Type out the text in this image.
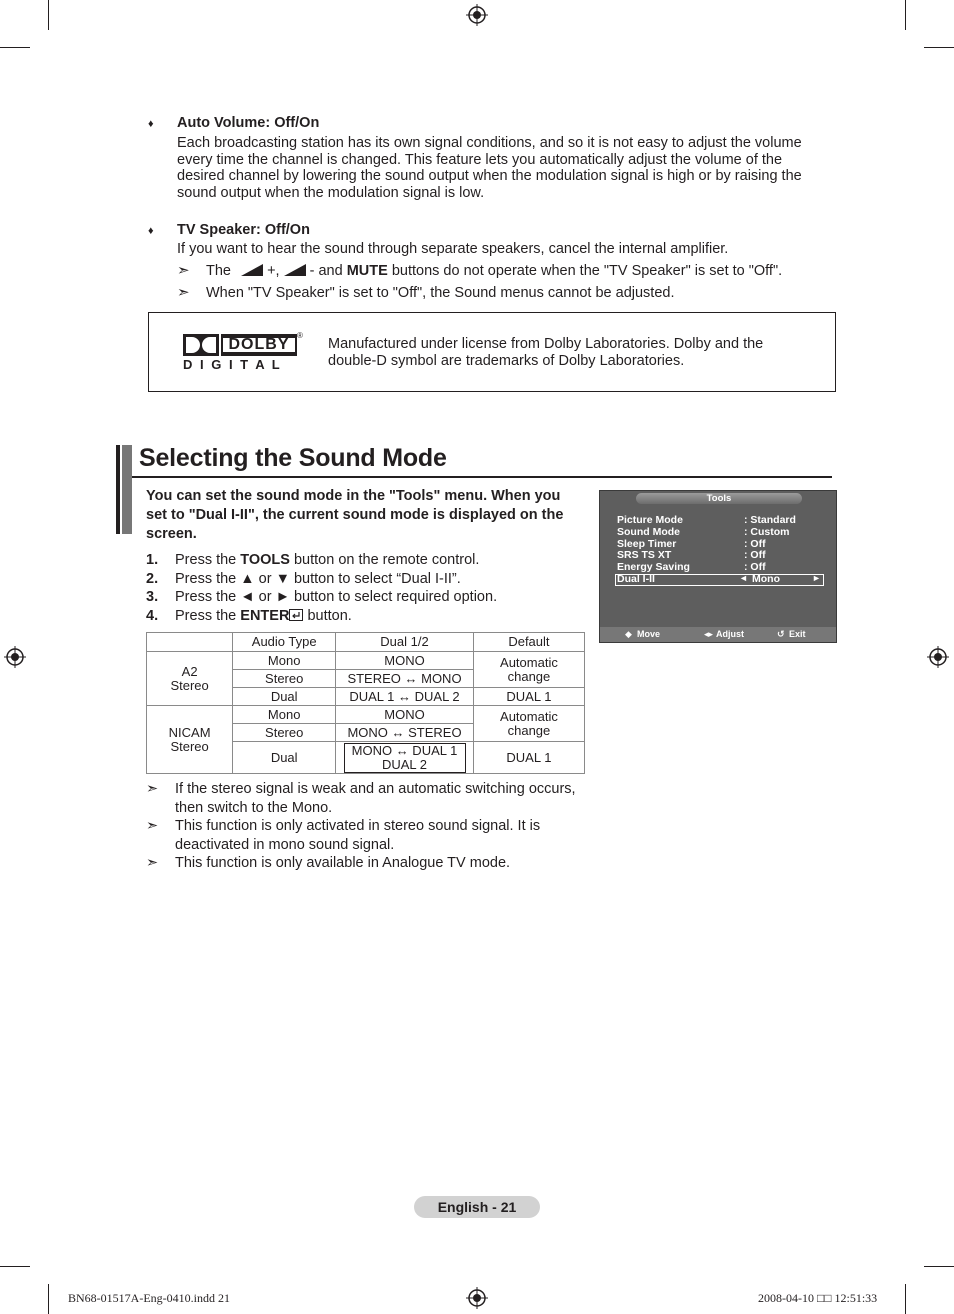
♦ Auto Volume: Off/On
Each broadcasting station has its own signal conditions, and so it is not easy to adjust the volume every time the channel is changed. This feature lets you automatically adjust the volume of the desired channel by lowering the sound output when the modulation signal is high or by raising the sound output when the modulation signal is low.
♦ TV Speaker: Off/On
If you want to hear the sound through separate speakers, cancel the internal amplifier.
➣ The +, - and MUTE buttons do not operate when the "TV Speaker" is set to "Off".
➣ When "TV Speaker" is set to "Off", the Sound menus cannot be adjusted.
DOLBY
®
D I G I T A L
Manufactured under license from Dolby Laboratories. Dolby and the double-D symbol are trademarks of Dolby Laboratories.
Selecting the Sound Mode
You can set the sound mode in the "Tools" menu. When you set to "Dual I-II", the current sound mode is displayed on the screen.
1. Press the TOOLS button on the remote control.
2. Press the ▲ or ▼ button to select “Dual I-II”.
3. Press the ◄ or ► button to select required option.
4. Press the ENTER button.
	Audio Type	Dual 1/2	Default
A2
Stereo	Mono	MONO	Automatic
change
	Stereo	STEREO ↔ MONO	
	Dual	DUAL 1 ↔ DUAL 2	DUAL 1
NICAM
Stereo	Mono	MONO	Automatic
change
	Stereo	MONO ↔ STEREO	
	Dual	MONO ↔ DUAL 1
DUAL 2	DUAL 1
Tools
Picture Mode	: Standard
Sound Mode	: Custom
Sleep Timer	: Off
SRS TS XT	: Off
Energy Saving	: Off
Dual I-II	◄ Mono	►
◆ Move	◂▸ Adjust	↺ Exit
➣ If the stereo signal is weak and an automatic switching occurs, then switch to the Mono.
➣ This function is only activated in stereo sound signal. It is deactivated in mono sound signal.
➣ This function is only available in Analogue TV mode.
English - 21
BN68-01517A-Eng-0410.indd 21	2008-04-10 □□ 12:51:33
